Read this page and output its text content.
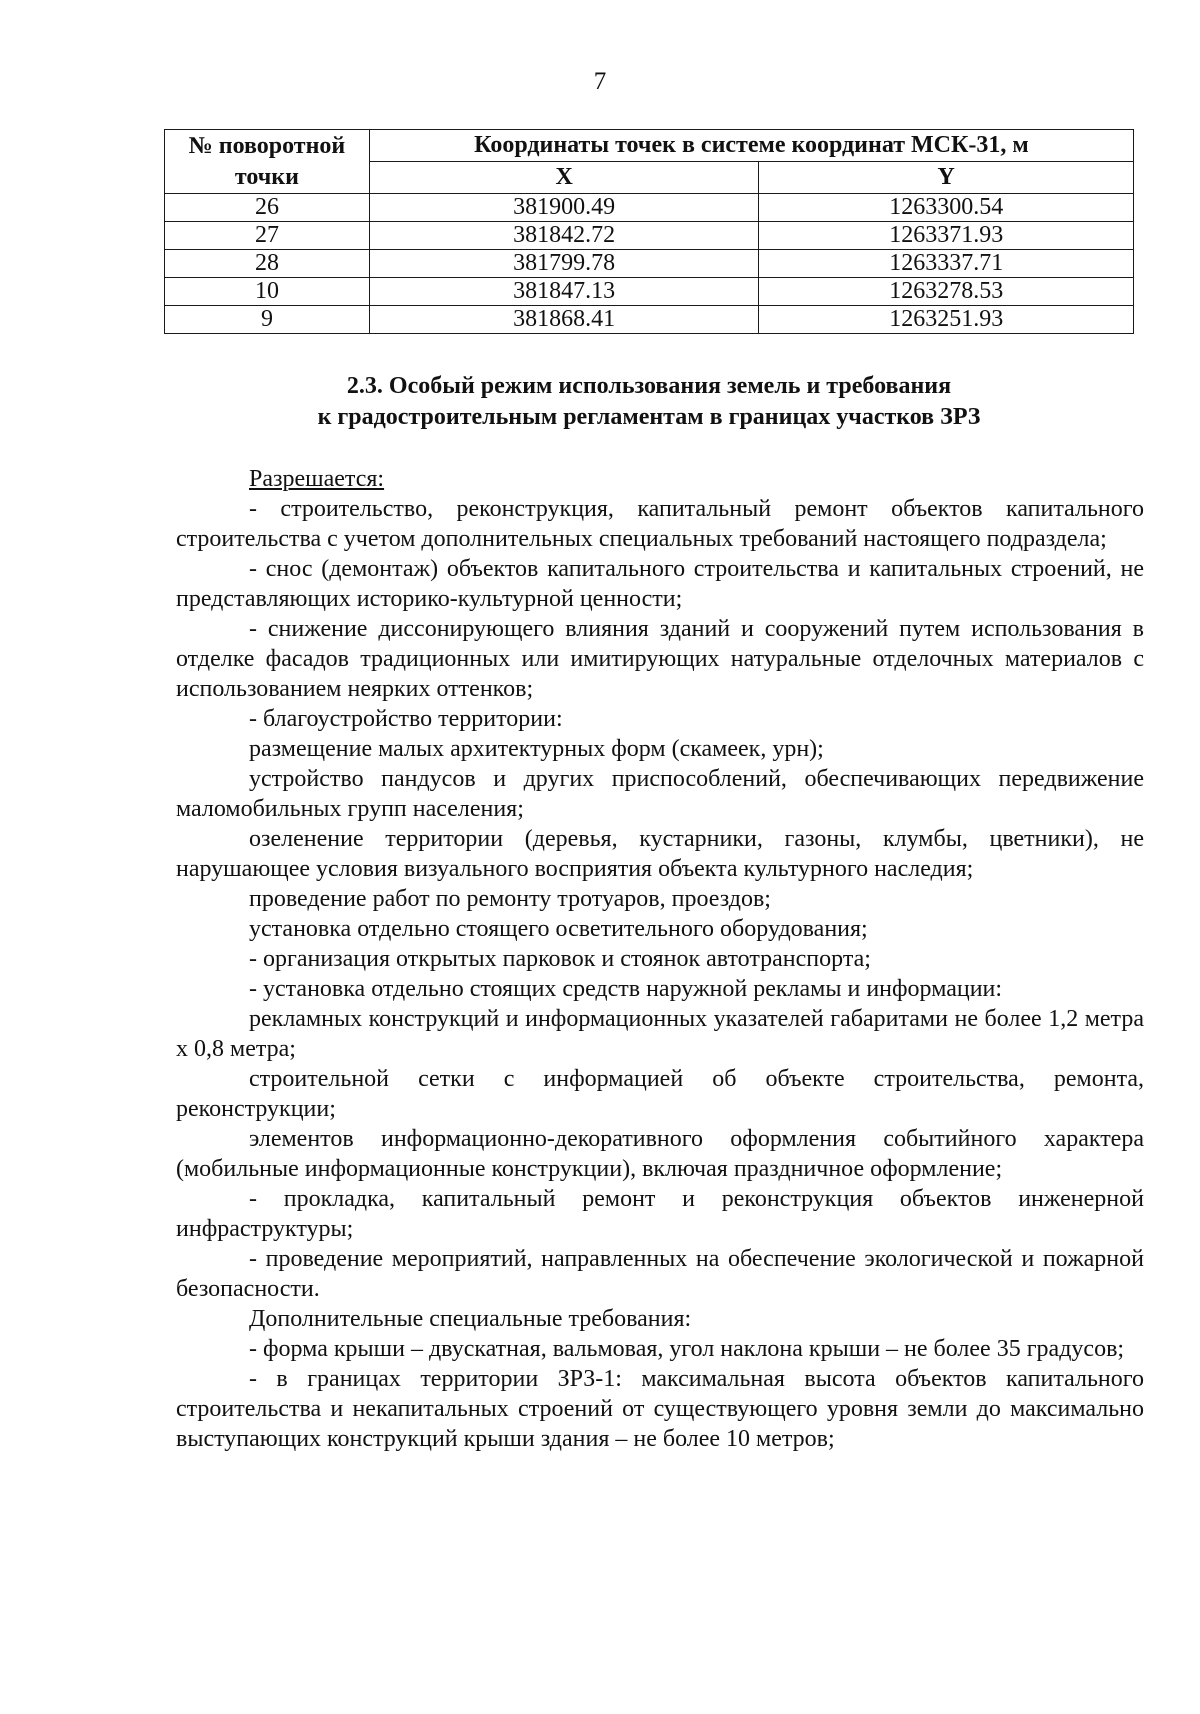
7
№ поворотной
точки	Координаты точек в системе координат МСК-31, м	
	X	Y
26	381900.49	1263300.54
27	381842.72	1263371.93
28	381799.78	1263337.71
10	381847.13	1263278.53
9	381868.41	1263251.93
2.3. Особый режим использования земель и требования
к градостроительным регламентам в границах участков ЗРЗ

Разрешается:

- строительство, реконструкция, капитальный ремонт объектов капитального строительства с учетом дополнительных специальных требований настоящего подраздела;

- снос (демонтаж) объектов капитального строительства и капитальных строений, не представляющих историко-культурной ценности;

- снижение диссонирующего влияния зданий и сооружений путем использования в отделке фасадов традиционных или имитирующих натуральные отделочных материалов с использованием неярких оттенков;

- благоустройство территории:

размещение малых архитектурных форм (скамеек, урн);

устройство пандусов и других приспособлений, обеспечивающих передвижение маломобильных групп населения;

озеленение территории (деревья, кустарники, газоны, клумбы, цветники), не нарушающее условия визуального восприятия объекта культурного наследия;

проведение работ по ремонту тротуаров, проездов;

установка отдельно стоящего осветительного оборудования;

- организация открытых парковок и стоянок автотранспорта;

- установка отдельно стоящих средств наружной рекламы и информации:

рекламных конструкций и информационных указателей габаритами не более 1,2 метра х 0,8 метра;

строительной сетки с информацией об объекте строительства, ремонта, реконструкции;

элементов информационно-декоративного оформления событийного характера (мобильные информационные конструкции), включая праздничное оформление;

- прокладка, капитальный ремонт и реконструкция объектов инженерной инфраструктуры;

- проведение мероприятий, направленных на обеспечение экологической и пожарной безопасности.

Дополнительные специальные требования:

- форма крыши – двускатная, вальмовая, угол наклона крыши – не более 35 градусов;

- в границах территории ЗРЗ-1: максимальная высота объектов капитального строительства и некапитальных строений от существующего уровня земли до максимально выступающих конструкций крыши здания – не более 10 метров;
